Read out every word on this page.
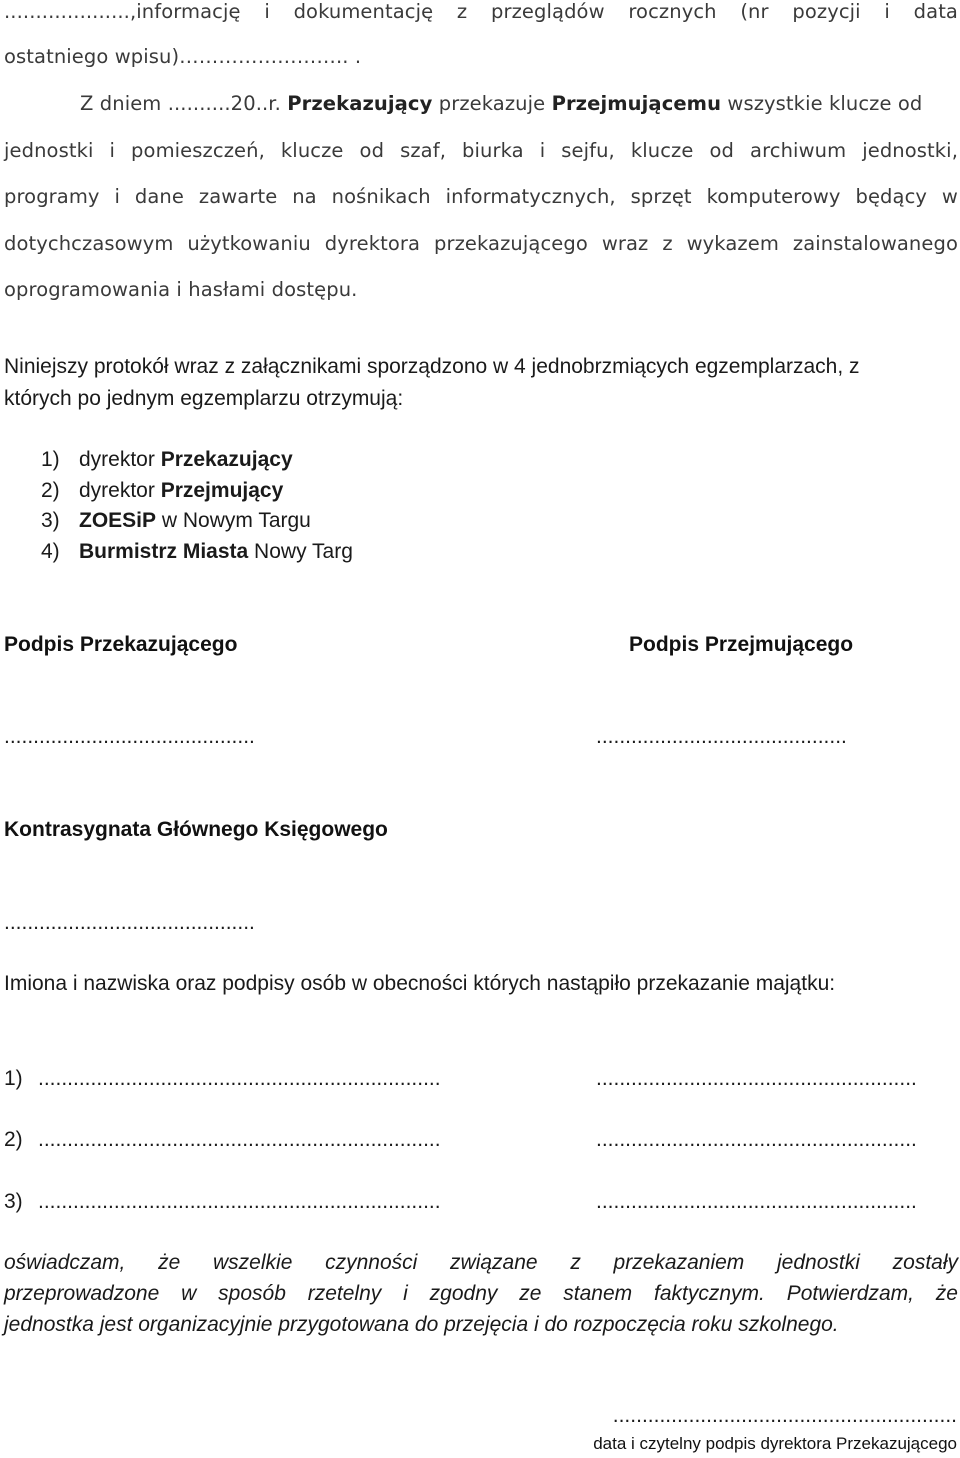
....................,informację i dokumentację z przeglądów rocznych (nr pozycji i data
ostatniego wpisu)…………………….. .
Z dniem ..........20..r. Przekazujący przekazuje Przejmującemu wszystkie klucze od
jednostki i pomieszczeń, klucze od szaf, biurka i sejfu, klucze od archiwum jednostki,
programy i dane zawarte na nośnikach informatycznych, sprzęt komputerowy będący w
dotychczasowym użytkowaniu dyrektora przekazującego wraz z wykazem zainstalowanego
oprogramowania i hasłami dostępu.
Niniejszy protokół wraz z załącznikami sporządzono w 4 jednobrzmiących egzemplarzach, z
których po jednym egzemplarzu otrzymują:
1) dyrektor Przekazujący
2) dyrektor Przejmujący
3) ZOESiP w Nowym Targu
4) Burmistrz Miasta Nowy Targ
Podpis Przekazującego	Podpis Przejmującego
...........................................	...........................................
Kontrasygnata Głównego Księgowego
...........................................
Imiona i nazwiska oraz podpisy osób w obecności których nastąpiło przekazanie majątku:
1) .....................................................................	.......................................................
2) .....................................................................	.......................................................
3) .....................................................................	.......................................................
oświadczam, że wszelkie czynności związane z przekazaniem jednostki zostały
przeprowadzone w sposób rzetelny i zgodny ze stanem faktycznym. Potwierdzam, że
jednostka jest organizacyjnie przygotowana do przejęcia i do rozpoczęcia roku szkolnego.
...........................................................
data i czytelny podpis dyrektora Przekazującego
